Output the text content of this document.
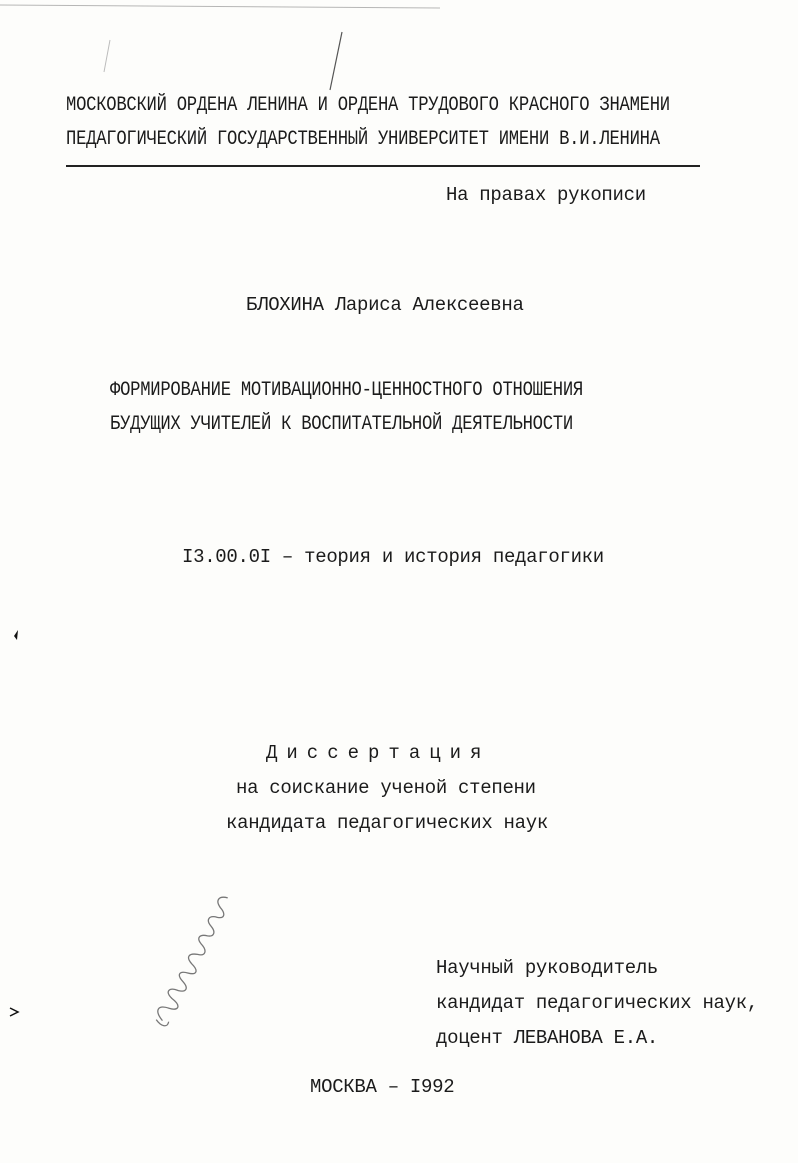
МОСКОВСКИЙ ОРДЕНА ЛЕНИНА И ОРДЕНА ТРУДОВОГО КРАСНОГО ЗНАМЕНИ
ПЕДАГОГИЧЕСКИЙ ГОСУДАРСТВЕННЫЙ УНИВЕРСИТЕТ ИМЕНИ В.И.ЛЕНИНА
На правах рукописи
БЛОХИНА Лариса Алексеевна
ФОРМИРОВАНИЕ МОТИВАЦИОННО-ЦЕННОСТНОГО ОТНОШЕНИЯ
БУДУЩИХ УЧИТЕЛЕЙ К ВОСПИТАТЕЛЬНОЙ ДЕЯТЕЛЬНОСТИ
I3.00.0I – теория и история педагогики
Диссертация
на соискание ученой степени
кандидата педагогических наук
Научный руководитель
кандидат педагогических наук,
доцент ЛЕВАНОВА Е.А.
МОСКВА – I992
